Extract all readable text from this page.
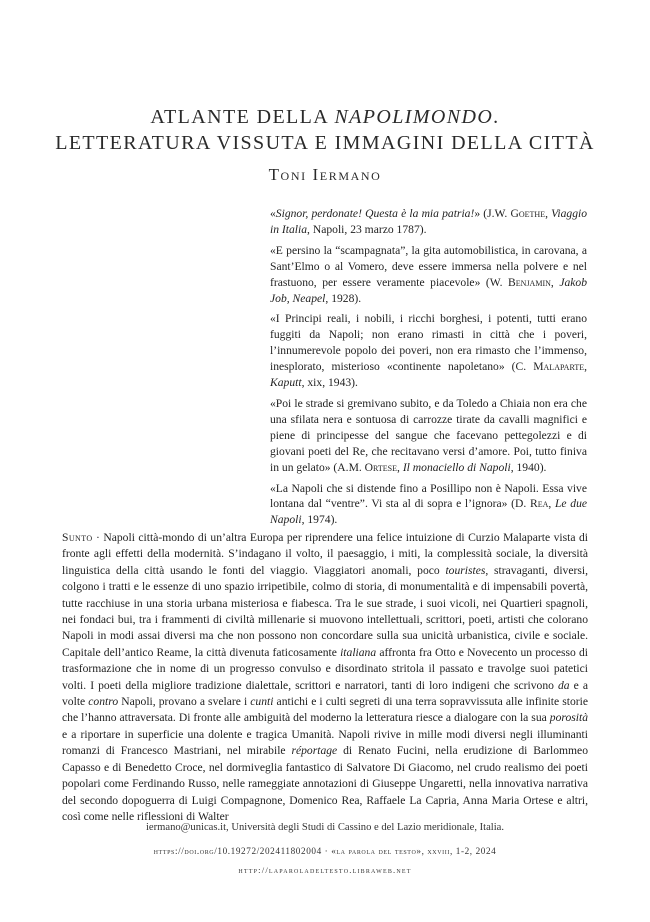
ATLANTE DELLA NAPOLIMONDO.
LETTERATURA VISSUTA E IMMAGINI DELLA CITTÀ
Toni Iermano

«Signor, perdonate! Questa è la mia patria!» (J.W. Goethe, Viaggio in Italia, Napoli, 23 marzo 1787).

«E persino la “scampagnata”, la gita automobilistica, in carovana, a Sant’Elmo o al Vomero, deve essere immersa nella polvere e nel frastuono, per essere veramente piacevole» (W. Benjamin, Jakob Job, Neapel, 1928).

«I Principi reali, i nobili, i ricchi borghesi, i potenti, tutti erano fuggiti da Napoli; non erano rimasti in città che i poveri, l’innumerevole popolo dei poveri, non era rimasto che l’immenso, inesplorato, misterioso «continente napoletano» (C. Malaparte, Kaputt, xix, 1943).

«Poi le strade si gremivano subito, e da Toledo a Chiaia non era che una sfilata nera e sontuosa di carrozze tirate da cavalli magnifici e piene di principesse del sangue che facevano pettegolezzi e di giovani poeti del Re, che recitavano versi d’amore. Poi, tutto finiva in un gelato» (A.M. Ortese, Il monaciello di Napoli, 1940).

«La Napoli che si distende fino a Posillipo non è Napoli. Essa vive lontana dal “ventre”. Vi sta al di sopra e l’ignora» (D. Rea, Le due Napoli, 1974).

Sunto · Napoli città-mondo di un’altra Europa per riprendere una felice intuizione di Curzio Malaparte vista di fronte agli effetti della modernità. S’indagano il volto, il paesaggio, i miti, la complessità sociale, la diversità linguistica della città usando le fonti del viaggio. Viaggiatori anomali, poco touristes, stravaganti, diversi, colgono i tratti e le essenze di uno spazio irripetibile, colmo di storia, di monumentalità e di impensabili povertà, tutte racchiuse in una storia urbana misteriosa e fiabesca. Tra le sue strade, i suoi vicoli, nei Quartieri spagnoli, nei fondaci bui, tra i frammenti di civiltà millenarie si muovono intellettuali, scrittori, poeti, artisti che colorano Napoli in modi assai diversi ma che non possono non concordare sulla sua unicità urbanistica, civile e sociale. Capitale dell’antico Reame, la città divenuta faticosamente italiana affronta fra Otto e Novecento un processo di trasformazione che in nome di un progresso convulso e disordinato stritola il passato e travolge suoi patetici volti. I poeti della migliore tradizione dialettale, scrittori e narratori, tanti di loro indigeni che scrivono da e a volte contro Napoli, provano a svelare i cunti antichi e i culti segreti di una terra sopravvissuta alle infinite storie che l’hanno attraversata. Di fronte alle ambiguità del moderno la letteratura riesce a dialogare con la sua porosità e a riportare in superficie una dolente e tragica Umanità. Napoli rivive in mille modi diversi negli illuminanti romanzi di Francesco Mastriani, nel mirabile réportage di Renato Fucini, nella erudizione di Barlommeo Capasso e di Benedetto Croce, nel dormiveglia fantastico di Salvatore Di Giacomo, nel crudo realismo dei poeti popolari come Ferdinando Russo, nelle rameggiate annotazioni di Giuseppe Ungaretti, nella innovativa narrativa del secondo dopoguerra di Luigi Compagnone, Domenico Rea, Raffaele La Capria, Anna Maria Ortese e altri, così come nelle riflessioni di Walter

iermano@unicas.it, Università degli Studi di Cassino e del Lazio meridionale, Italia.
https://doi.org/10.19272/202411802004 · «la parola del testo», xxviii, 1-2, 2024
http://laparoladeltesto.libraweb.net
